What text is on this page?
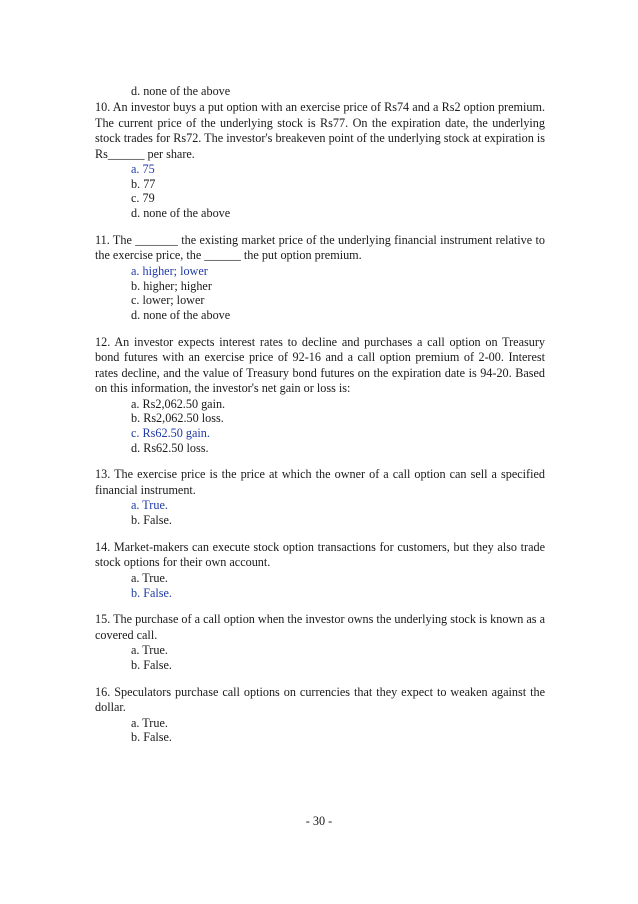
d. none of the above
10. An investor buys a put option with an exercise price of Rs74 and a Rs2 option premium. The current price of the underlying stock is Rs77. On the expiration date, the underlying stock trades for Rs72. The investor's breakeven point of the underlying stock at expiration is Rs______ per share.
a. 75
b. 77
c. 79
d. none of the above
11. The _______ the existing market price of the underlying financial instrument relative to the exercise price, the ______ the put option premium.
a. higher; lower
b. higher; higher
c. lower; lower
d. none of the above
12. An investor expects interest rates to decline and purchases a call option on Treasury bond futures with an exercise price of 92-16 and a call option premium of 2-00. Interest rates decline, and the value of Treasury bond futures on the expiration date is 94-20. Based on this information, the investor's net gain or loss is:
a. Rs2,062.50 gain.
b. Rs2,062.50 loss.
c. Rs62.50 gain.
d. Rs62.50 loss.
13. The exercise price is the price at which the owner of a call option can sell a specified financial instrument.
a. True.
b. False.
14. Market-makers can execute stock option transactions for customers, but they also trade stock options for their own account.
a. True.
b. False.
15. The purchase of a call option when the investor owns the underlying stock is known as a covered call.
a. True.
b. False.
16. Speculators purchase call options on currencies that they expect to weaken against the dollar.
a. True.
b. False.
- 30 -
